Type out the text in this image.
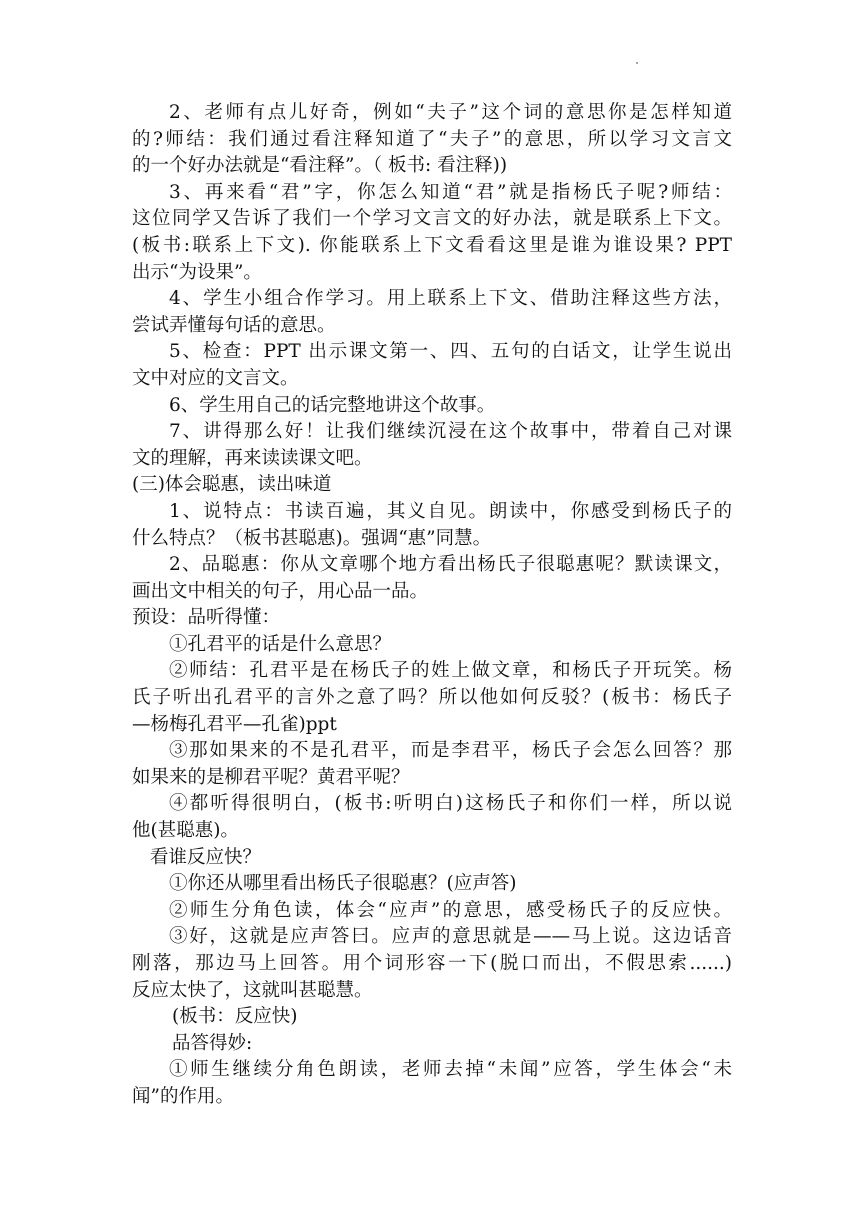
2、老师有点儿好奇，例如“夫子”这个词的意思你是怎样知道
的?师结：我们通过看注释知道了“夫子”的意思，所以学习文言文
的一个好办法就是“看注释”。（ 板书: 看注释))
3、再来看“君”字，你怎么知道“君”就是指杨氏子呢?师结：
这位同学又告诉了我们一个学习文言文的好办法，就是联系上下文。
(板书:联系上下文). 你能联系上下文看看这里是谁为谁设果? PPT
出示“为设果”。
4、学生小组合作学习。用上联系上下文、借助注释这些方法，
尝试弄懂每句话的意思。
5、检查：PPT 出示课文第一、四、五句的白话文，让学生说出
文中对应的文言文。
6、学生用自己的话完整地讲这个故事。
7、讲得那么好！让我们继续沉浸在这个故事中，带着自己对课
文的理解，再来读读课文吧。
(三)体会聪惠，读出味道
1、说特点：书读百遍，其义自见。朗读中，你感受到杨氏子的
什么特点？（板书甚聪惠)。强调“惠”同慧。
2、品聪惠：你从文章哪个地方看出杨氏子很聪惠呢？默读课文，
画出文中相关的句子，用心品一品。
预设：品听得懂：
①孔君平的话是什么意思？
②师结：孔君平是在杨氏子的姓上做文章，和杨氏子开玩笑。杨
氏子听出孔君平的言外之意了吗？所以他如何反驳？(板书：杨氏子
—杨梅孔君平—孔雀)ppt
③那如果来的不是孔君平，而是李君平，杨氏子会怎么回答？那
如果来的是柳君平呢？黄君平呢？
④都听得很明白，(板书:听明白)这杨氏子和你们一样，所以说
他(甚聪惠)。
看谁反应快？
①你还从哪里看出杨氏子很聪惠？(应声答)
②师生分角色读，体会“应声”的意思，感受杨氏子的反应快。
③好，这就是应声答曰。应声的意思就是——马上说。这边话音
刚落，那边马上回答。用个词形容一下(脱口而出，不假思索......)
反应太快了，这就叫甚聪慧。
(板书：反应快)
品答得妙:
①师生继续分角色朗读，老师去掉“未闻”应答，学生体会“未
闻”的作用。
